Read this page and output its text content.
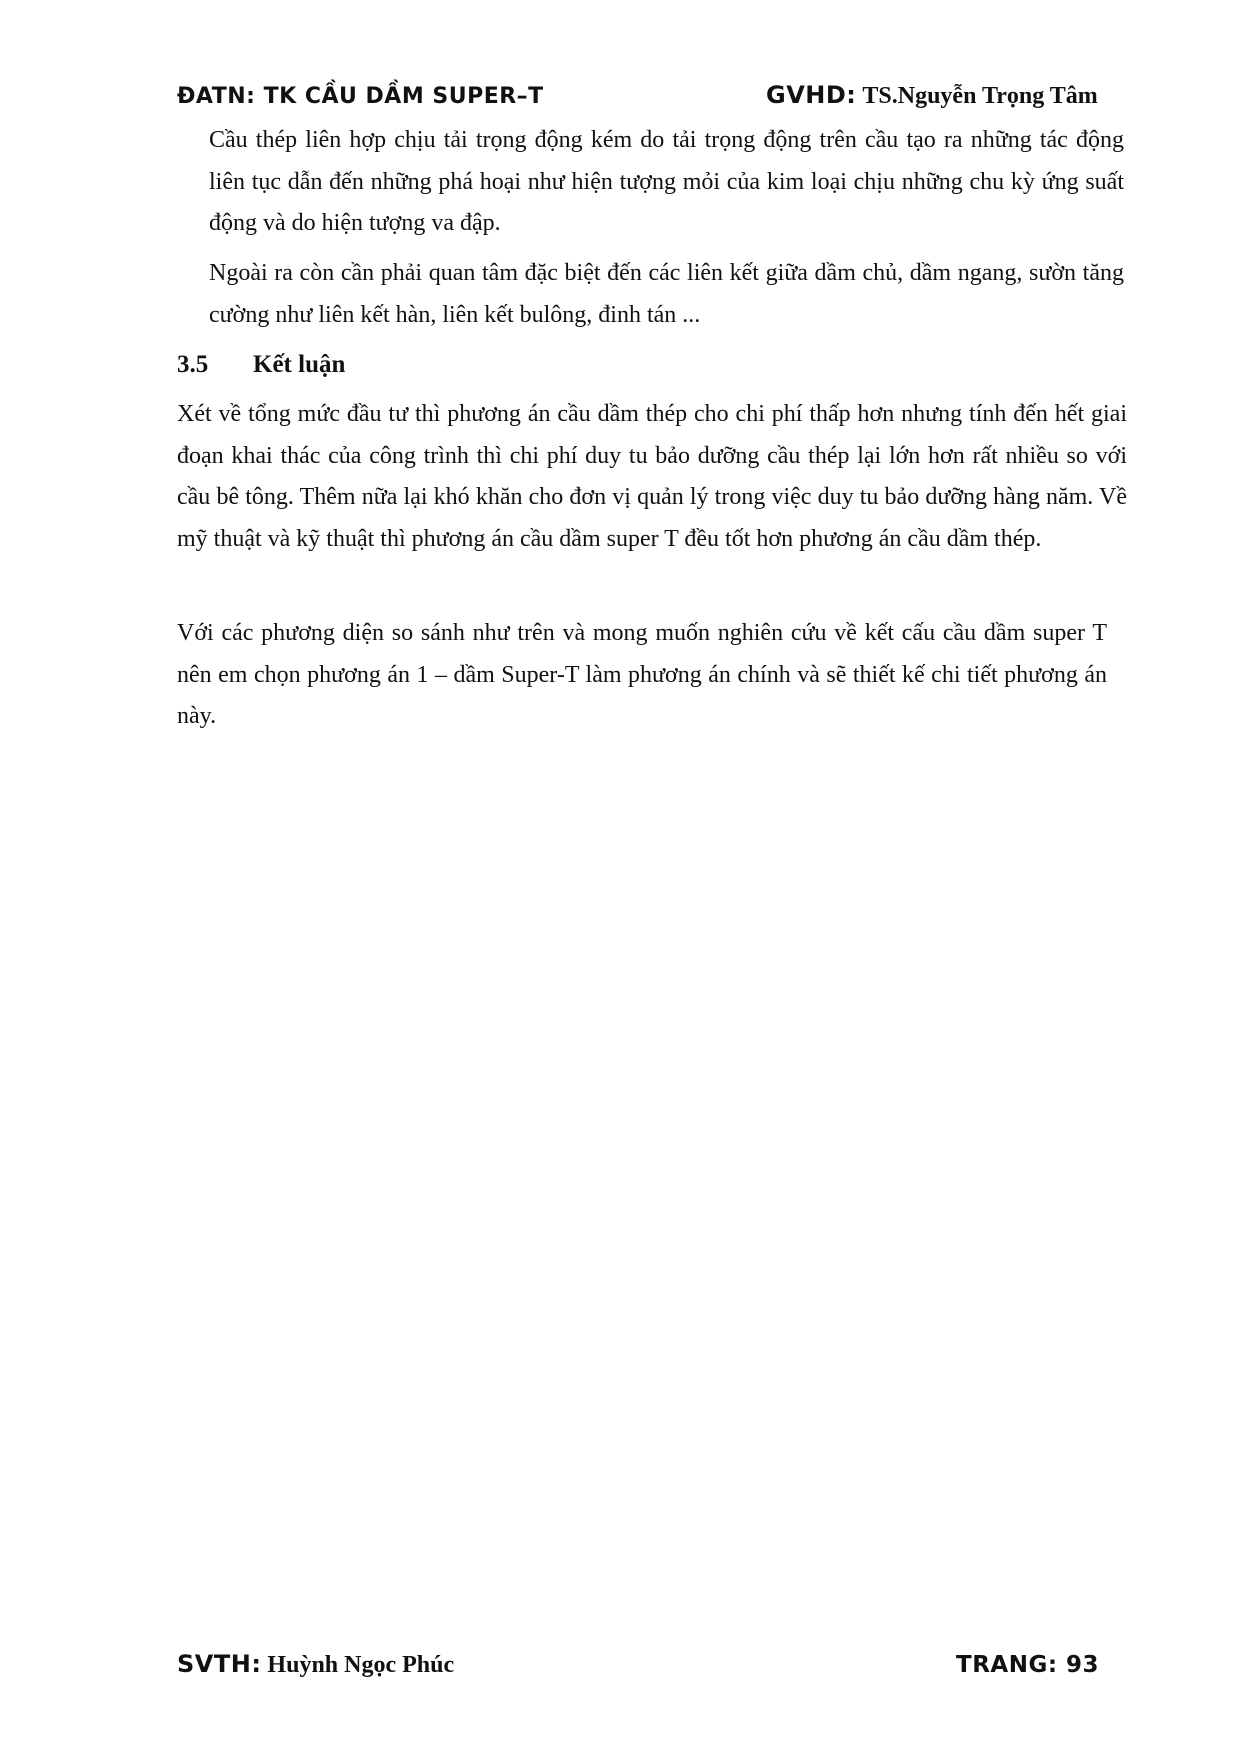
ĐATN: TK CẦU DẦM SUPER–T	GVHD: TS.Nguyễn Trọng Tâm

Cầu thép liên hợp chịu tải trọng động kém do tải trọng động trên cầu tạo ra những tác động liên tục dẫn đến những phá hoại như hiện tượng mỏi của kim loại chịu những chu kỳ ứng suất động và do hiện tượng va đập.

Ngoài ra còn cần phải quan tâm đặc biệt đến các liên kết giữa dầm chủ, dầm ngang, sườn tăng cường như liên kết hàn, liên kết bulông, đinh tán ...

3.5 Kết luận

Xét về tổng mức đầu tư thì phương án cầu dầm thép cho chi phí thấp hơn nhưng tính đến hết giai đoạn khai thác của công trình thì chi phí duy tu bảo dưỡng cầu thép lại lớn hơn rất nhiều so với cầu bê tông. Thêm nữa lại khó khăn cho đơn vị quản lý trong việc duy tu bảo dưỡng hàng năm. Về mỹ thuật và kỹ thuật thì phương án cầu dầm super T đều tốt hơn phương án cầu dầm thép.

Với các phương diện so sánh như trên và mong muốn nghiên cứu về kết cấu cầu dầm super T nên em chọn phương án 1 – dầm Super-T làm phương án chính và sẽ thiết kế chi tiết phương án này.

SVTH: Huỳnh Ngọc Phúc	TRANG: 93
